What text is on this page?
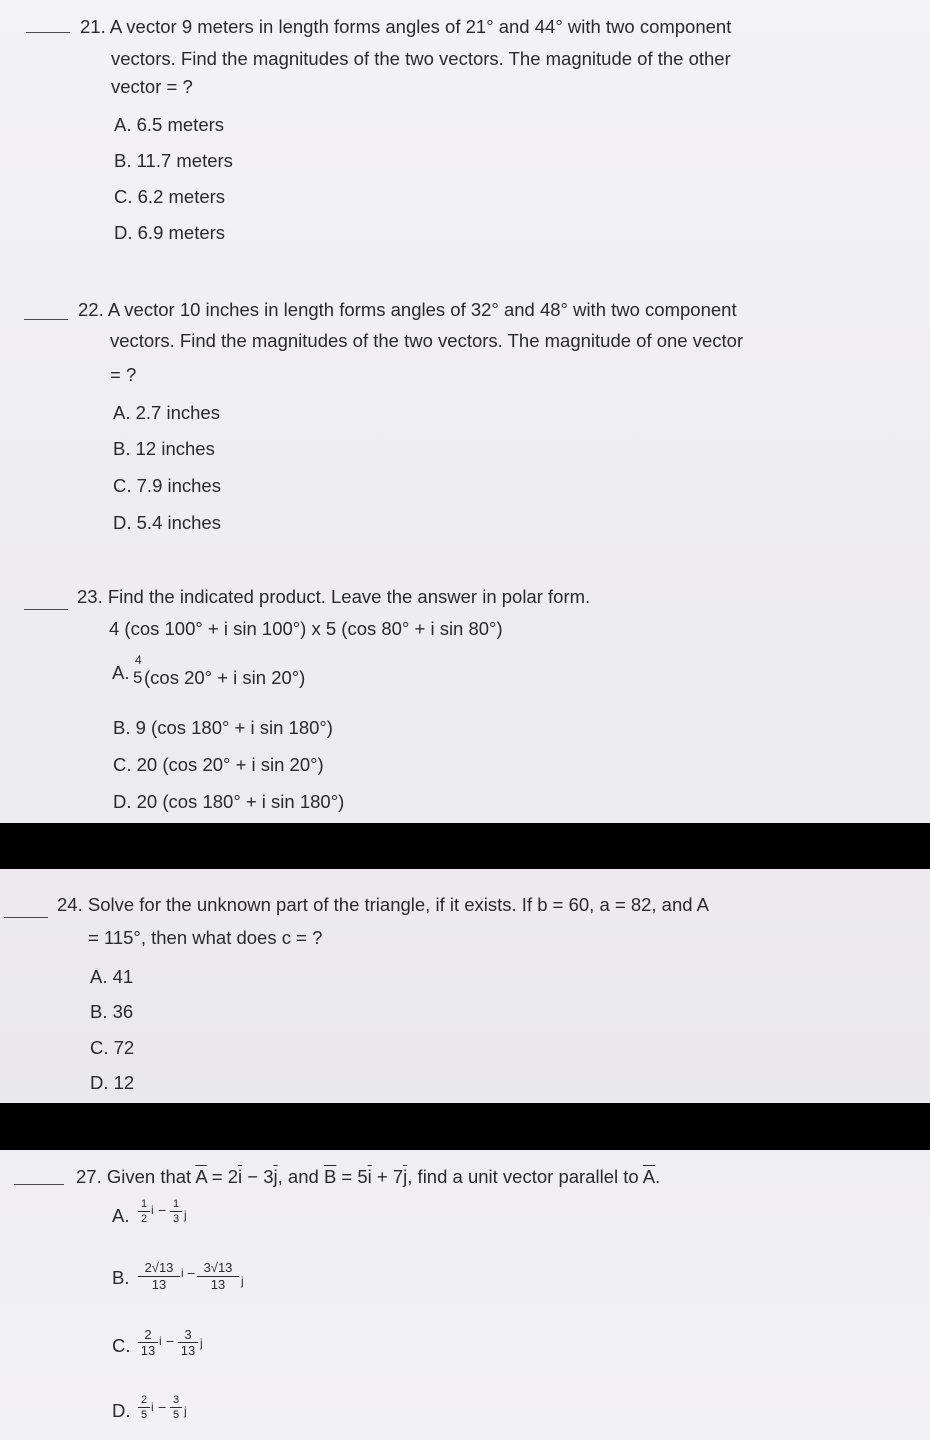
21. A vector 9 meters in length forms angles of 21° and 44° with two component
vectors. Find the magnitudes of the two vectors. The magnitude of the other
vector = ?
A. 6.5 meters
B. 11.7 meters
C. 6.2 meters
D. 6.9 meters
22. A vector 10 inches in length forms angles of 32° and 48° with two component
vectors. Find the magnitudes of the two vectors. The magnitude of one vector
= ?
A. 2.7 inches
B. 12 inches
C. 7.9 inches
D. 5.4 inches
23. Find the indicated product. Leave the answer in polar form.
4 (cos 100° + i sin 100°) x 5 (cos 80° + i sin 80°)
A.
4
5 (cos 20° + i sin 20°)
B. 9 (cos 180° + i sin 180°)
C. 20 (cos 20° + i sin 20°)
D. 20 (cos 180° + i sin 180°)
24. Solve for the unknown part of the triangle, if it exists. If b = 60, a = 82, and A
= 115°, then what does c = ?
A. 41
B. 36
C. 72
D. 12
27. Given that $\overline{A} = 2\overline{i} - 3\overline{j}$, and $\overline{B} = 5\overline{i} + 7\overline{j}$, find a unit vector parallel to $\overline{A}$.
A.
1
2
i − 1
3 j
B.	2√13
13
i − 3√13
13	j
C.
2
13
i − 3
13 j
D. 2
5
i − 3
5 j
